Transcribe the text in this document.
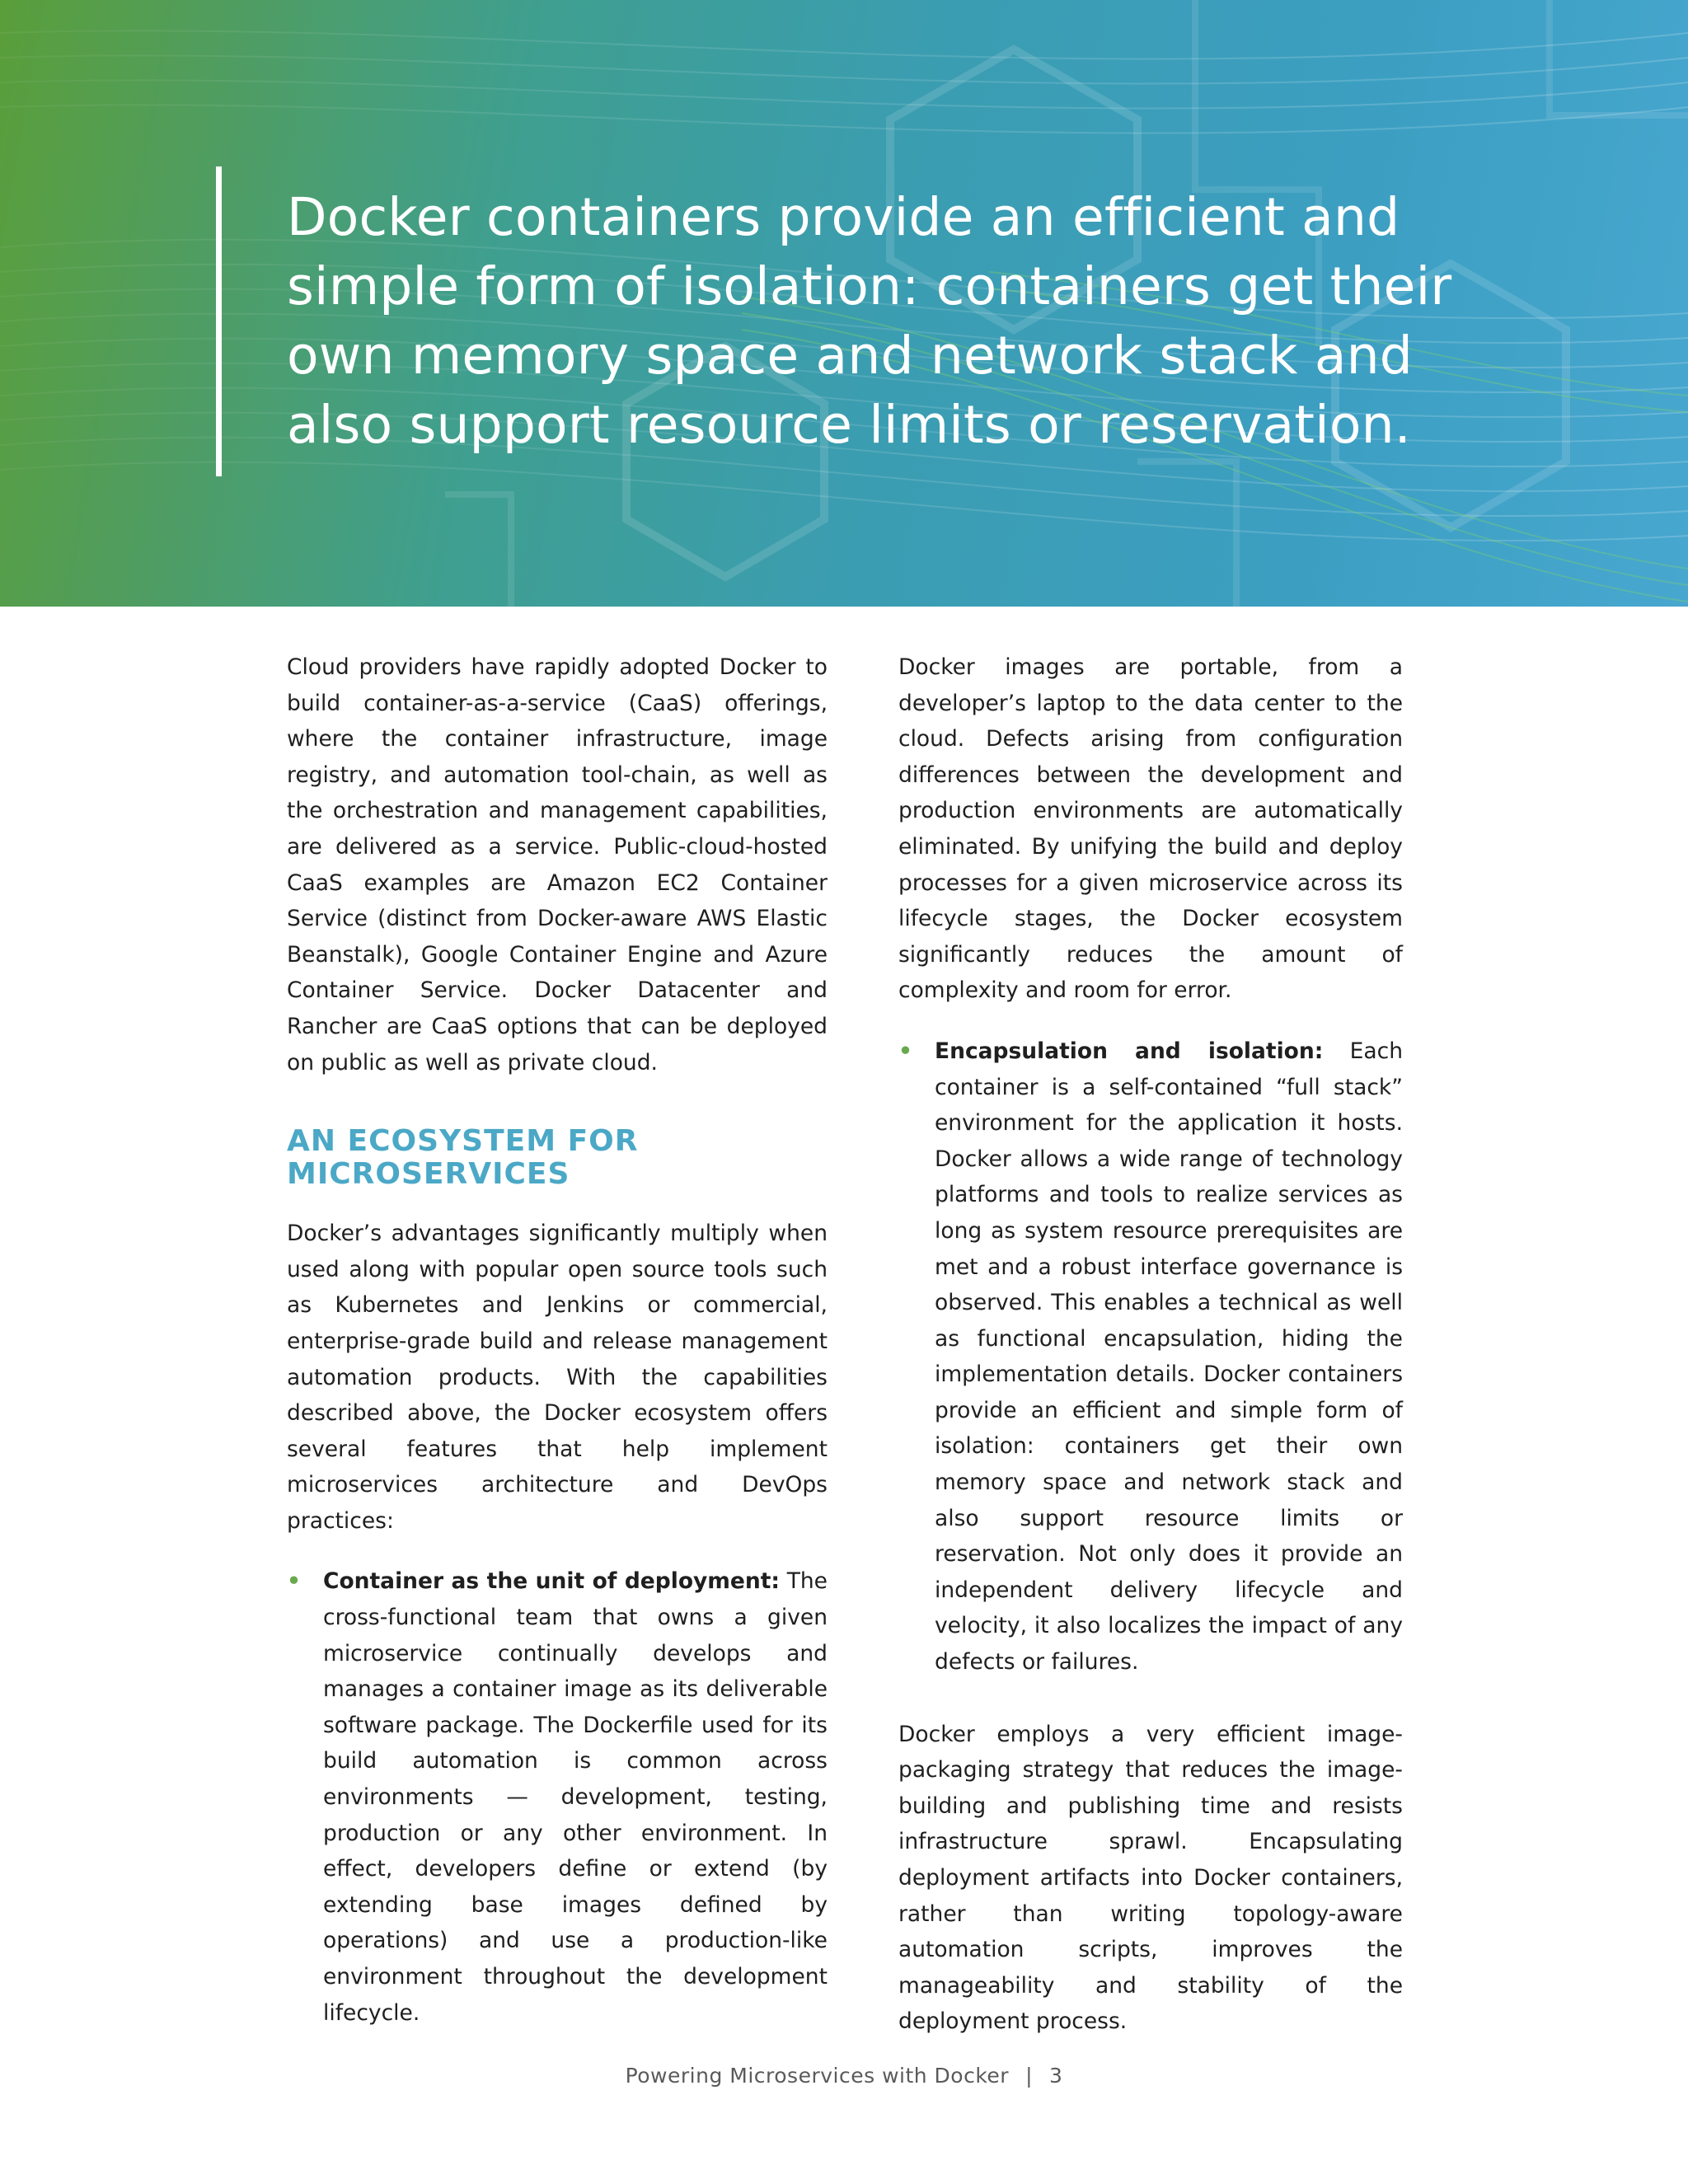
Docker containers provide an efficient and simple form of isolation: containers get their own memory space and network stack and also support resource limits or reservation.

Cloud providers have rapidly adopted Docker to build container-as-a-service (CaaS) offerings, where the container infrastructure, image registry, and automation tool-chain, as well as the orchestration and management capabilities, are delivered as a service. Public-cloud-hosted CaaS examples are Amazon EC2 Container Service (distinct from Docker-aware AWS Elastic Beanstalk), Google Container Engine and Azure Container Service. Docker Datacenter and Rancher are CaaS options that can be deployed on public as well as private cloud.

AN ECOSYSTEM FOR MICROSERVICES

Docker’s advantages significantly multiply when used along with popular open source tools such as Kubernetes and Jenkins or commercial, enterprise-grade build and release management automation products. With the capabilities described above, the Docker ecosystem offers several features that help implement microservices architecture and DevOps practices:

• Container as the unit of deployment: The cross-functional team that owns a given microservice continually develops and manages a container image as its deliverable software package. The Dockerfile used for its build automation is common across environments — development, testing, production or any other environment. In effect, developers define or extend (by extending base images defined by operations) and use a production-like environment throughout the development lifecycle.

Docker images are portable, from a developer’s laptop to the data center to the cloud. Defects arising from configuration differences between the development and production environments are automatically eliminated. By unifying the build and deploy processes for a given microservice across its lifecycle stages, the Docker ecosystem significantly reduces the amount of complexity and room for error.

• Encapsulation and isolation: Each container is a self-contained “full stack” environment for the application it hosts. Docker allows a wide range of technology platforms and tools to realize services as long as system resource prerequisites are met and a robust interface governance is observed. This enables a technical as well as functional encapsulation, hiding the implementation details. Docker containers provide an efficient and simple form of isolation: containers get their own memory space and network stack and also support resource limits or reservation. Not only does it provide an independent delivery lifecycle and velocity, it also localizes the impact of any defects or failures.

Docker employs a very efficient image-packaging strategy that reduces the image-building and publishing time and resists infrastructure sprawl. Encapsulating deployment artifacts into Docker containers, rather than writing topology-aware automation scripts, improves the manageability and stability of the deployment process.

Powering Microservices with Docker | 3
